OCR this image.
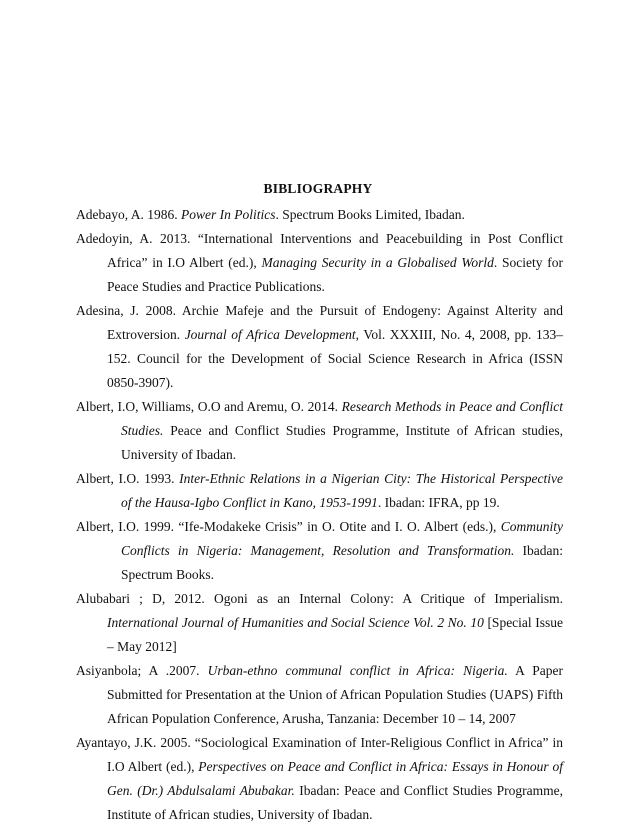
BIBLIOGRAPHY
Adebayo, A. 1986. Power In Politics. Spectrum Books Limited, Ibadan.
Adedoyin, A. 2013. “International Interventions and Peacebuilding in Post Conflict Africa” in I.O Albert (ed.), Managing Security in a Globalised World. Society for Peace Studies and Practice Publications.
Adesina, J. 2008. Archie Mafeje and the Pursuit of Endogeny: Against Alterity and Extroversion. Journal of Africa Development, Vol. XXXIII, No. 4, 2008, pp. 133–152. Council for the Development of Social Science Research in Africa (ISSN 0850-3907).
Albert, I.O, Williams, O.O and Aremu, O. 2014. Research Methods in Peace and Conflict Studies. Peace and Conflict Studies Programme, Institute of African studies, University of Ibadan.
Albert, I.O. 1993. Inter-Ethnic Relations in a Nigerian City: The Historical Perspective of the Hausa-Igbo Conflict in Kano, 1953-1991. Ibadan: IFRA, pp 19.
Albert, I.O. 1999. “Ife-Modakeke Crisis” in O. Otite and I. O. Albert (eds.), Community Conflicts in Nigeria: Management, Resolution and Transformation. Ibadan: Spectrum Books.
Alubabari ; D, 2012. Ogoni as an Internal Colony: A Critique of Imperialism. International Journal of Humanities and Social Science Vol. 2 No. 10 [Special Issue – May 2012]
Asiyanbola; A .2007. Urban-ethno communal conflict in Africa: Nigeria. A Paper Submitted for Presentation at the Union of African Population Studies (UAPS) Fifth African Population Conference, Arusha, Tanzania: December 10 – 14, 2007
Ayantayo, J.K. 2005. “Sociological Examination of Inter-Religious Conflict in Africa” in I.O Albert (ed.), Perspectives on Peace and Conflict in Africa: Essays in Honour of Gen. (Dr.) Abdulsalami Abubakar. Ibadan: Peace and Conflict Studies Programme, Institute of African studies, University of Ibadan.
